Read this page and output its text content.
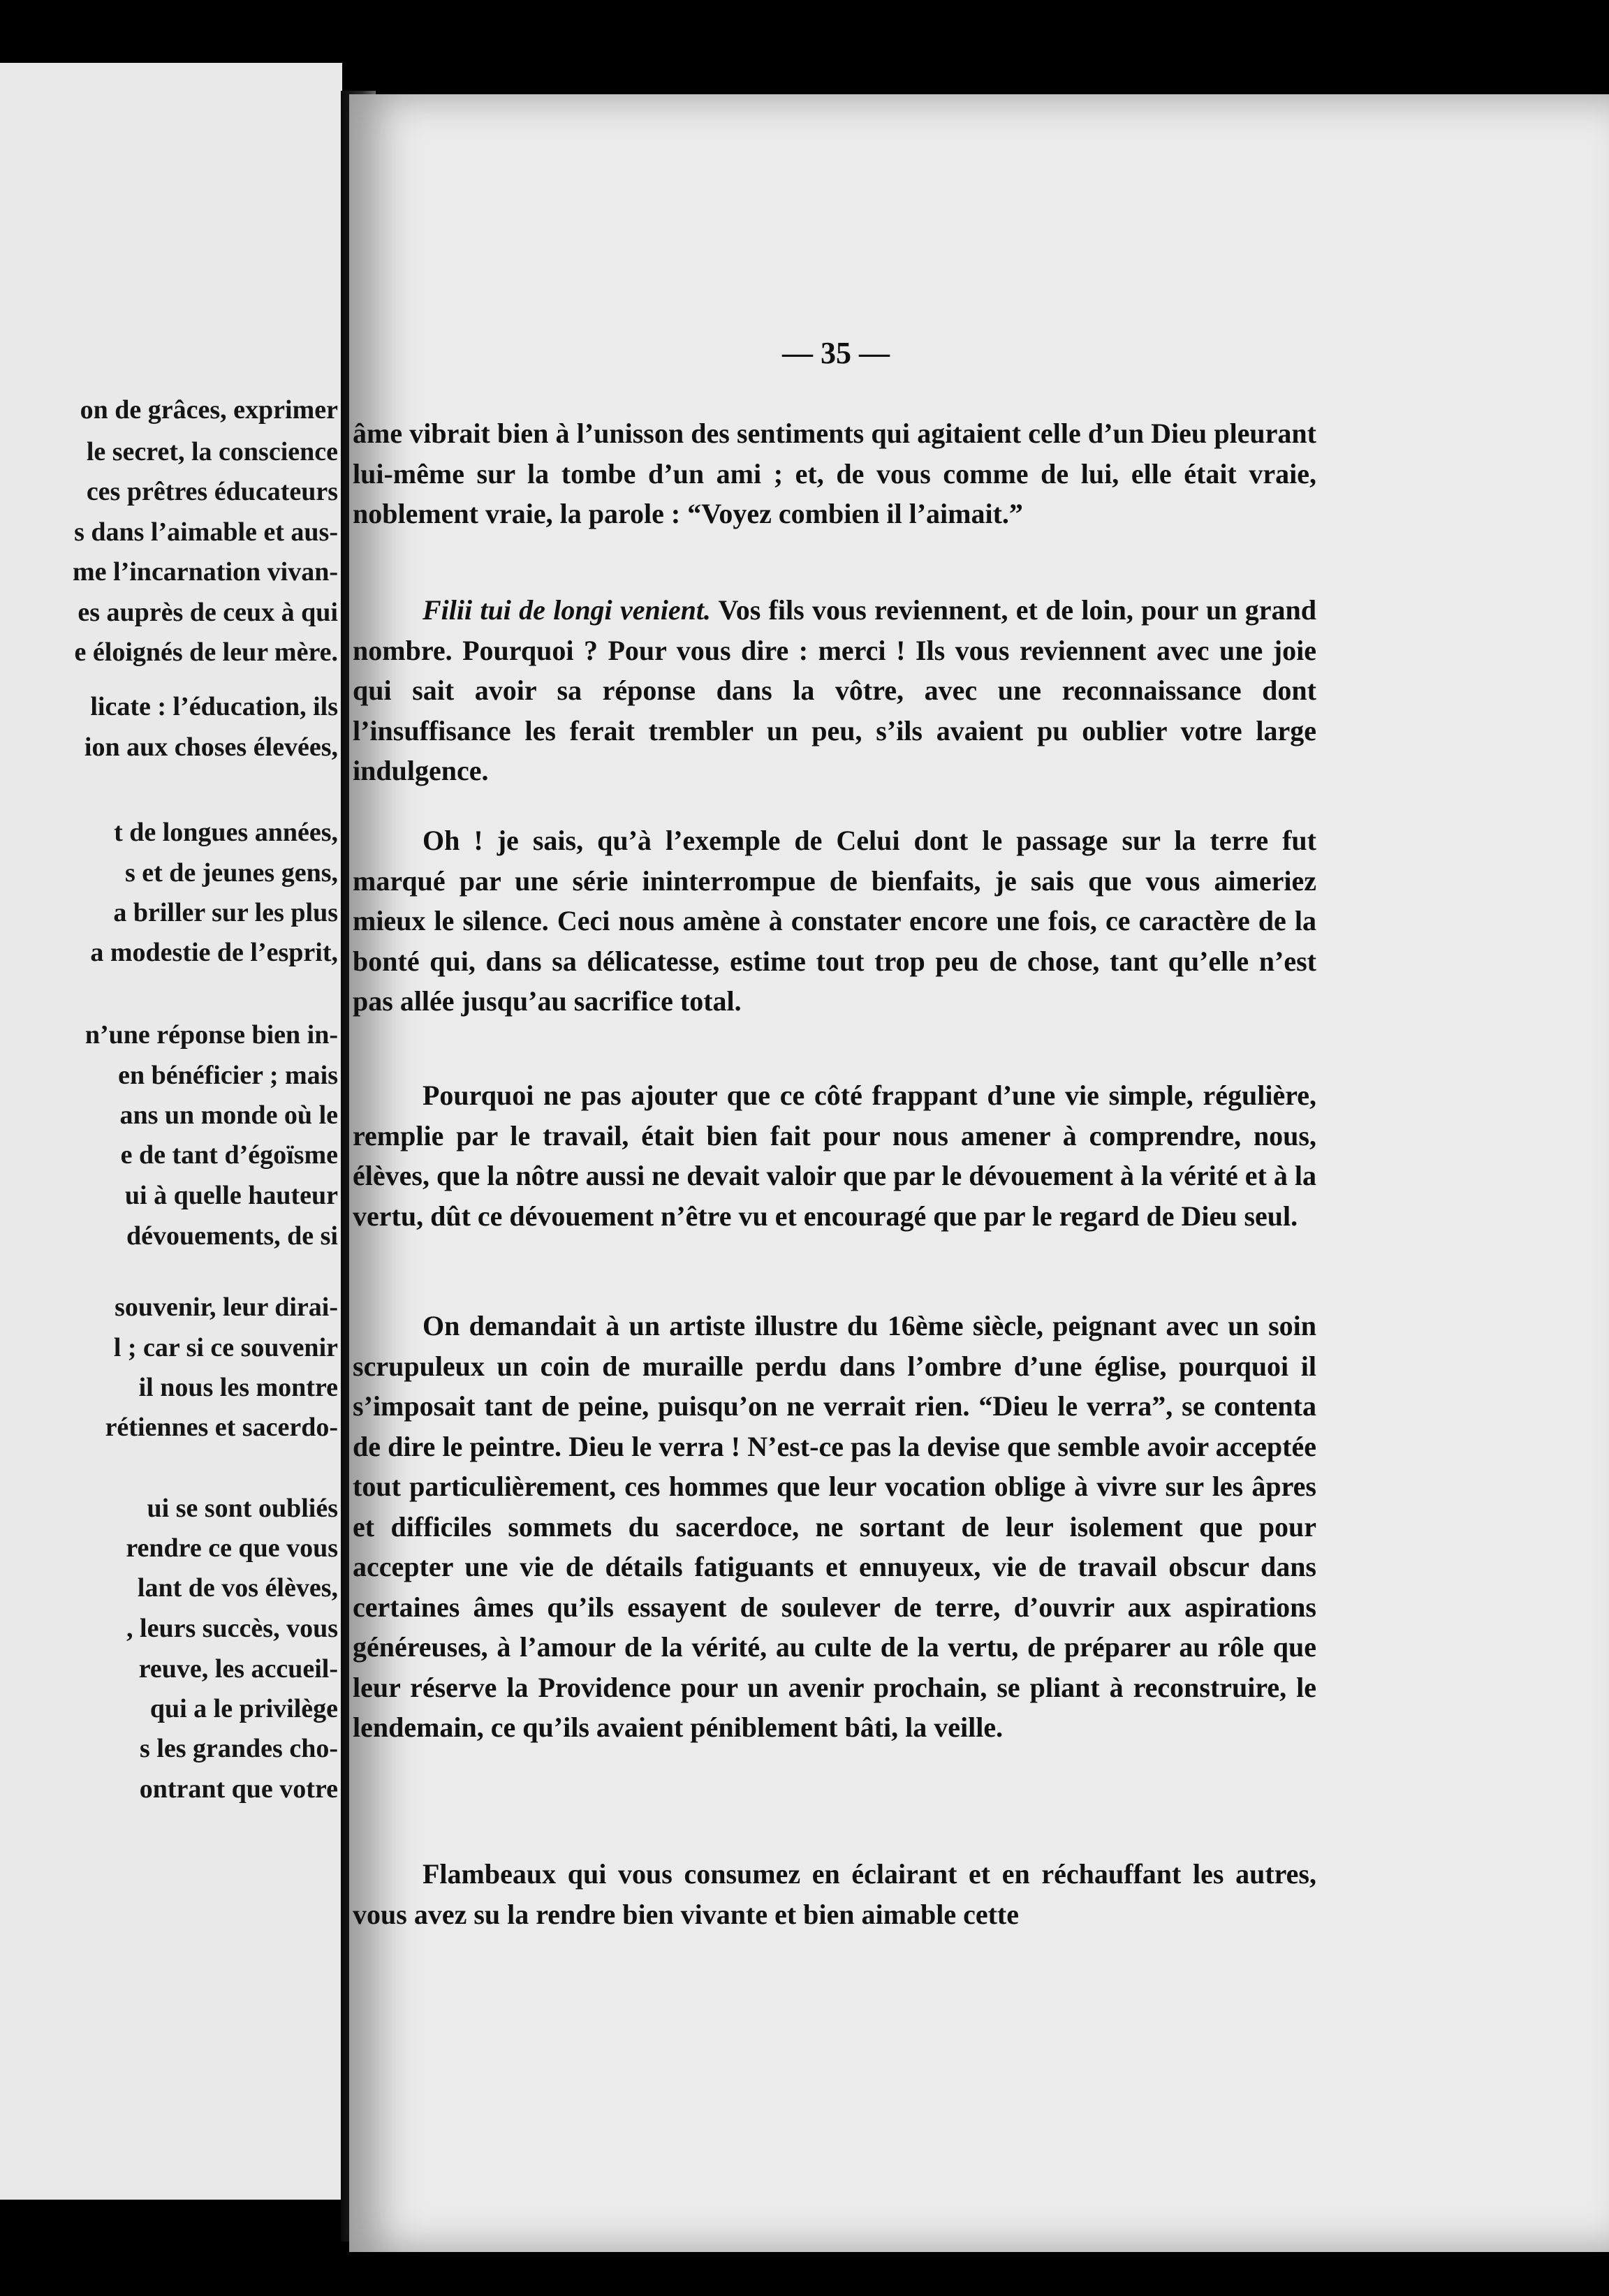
on de grâces, exprimer
le secret, la conscience
ces prêtres éducateurs
s dans l’aimable et aus-
me l’incarnation vivan-
es auprès de ceux à qui
e éloignés de leur mère.
licate : l’éducation, ils
ion aux choses élevées,
t de longues années,
s et de jeunes gens,
a briller sur les plus
a modestie de l’esprit,
n’une réponse bien in-
en bénéficier ; mais
ans un monde où le
e de tant d’égoïsme
ui à quelle hauteur
dévouements, de si
souvenir, leur dirai-
l ; car si ce souvenir
il nous les montre
rétiennes et sacerdo-
ui se sont oubliés
rendre ce que vous
lant de vos élèves,
, leurs succès, vous
reuve, les accueil-
qui a le privilège
s les grandes cho-
ontrant que votre
— 35 —

âme vibrait bien à l’unisson des sentiments qui agitaient celle d’un Dieu pleurant lui-même sur la tombe d’un ami ; et, de vous comme de lui, elle était vraie, noblement vraie, la parole : “Voyez combien il l’aimait.”

Filii tui de longi venient. Vos fils vous reviennent, et de loin, pour un grand nombre. Pourquoi ? Pour vous dire : merci ! Ils vous reviennent avec une joie qui sait avoir sa réponse dans la vôtre, avec une reconnaissance dont l’insuffisance les ferait trembler un peu, s’ils avaient pu oublier votre large indulgence.

Oh ! je sais, qu’à l’exemple de Celui dont le passage sur la terre fut marqué par une série ininterrompue de bienfaits, je sais que vous aimeriez mieux le silence. Ceci nous amène à constater encore une fois, ce caractère de la bonté qui, dans sa délicatesse, estime tout trop peu de chose, tant qu’elle n’est pas allée jusqu’au sacrifice total.

Pourquoi ne pas ajouter que ce côté frappant d’une vie simple, régulière, remplie par le travail, était bien fait pour nous amener à comprendre, nous, élèves, que la nôtre aussi ne devait valoir que par le dévouement à la vérité et à la vertu, dût ce dévouement n’être vu et encouragé que par le regard de Dieu seul.

On demandait à un artiste illustre du 16ème siècle, peignant avec un soin scrupuleux un coin de muraille perdu dans l’ombre d’une église, pourquoi il s’imposait tant de peine, puisqu’on ne verrait rien. “Dieu le verra”, se contenta de dire le peintre. Dieu le verra ! N’est-ce pas la devise que semble avoir acceptée tout particulièrement, ces hommes que leur vocation oblige à vivre sur les âpres et difficiles sommets du sacerdoce, ne sortant de leur isolement que pour accepter une vie de détails fatiguants et ennuyeux, vie de travail obscur dans certaines âmes qu’ils essayent de soulever de terre, d’ouvrir aux aspirations généreuses, à l’amour de la vérité, au culte de la vertu, de préparer au rôle que leur réserve la Providence pour un avenir prochain, se pliant à reconstruire, le lendemain, ce qu’ils avaient péniblement bâti, la veille.

Flambeaux qui vous consumez en éclairant et en réchauffant les autres, vous avez su la rendre bien vivante et bien aimable cette
